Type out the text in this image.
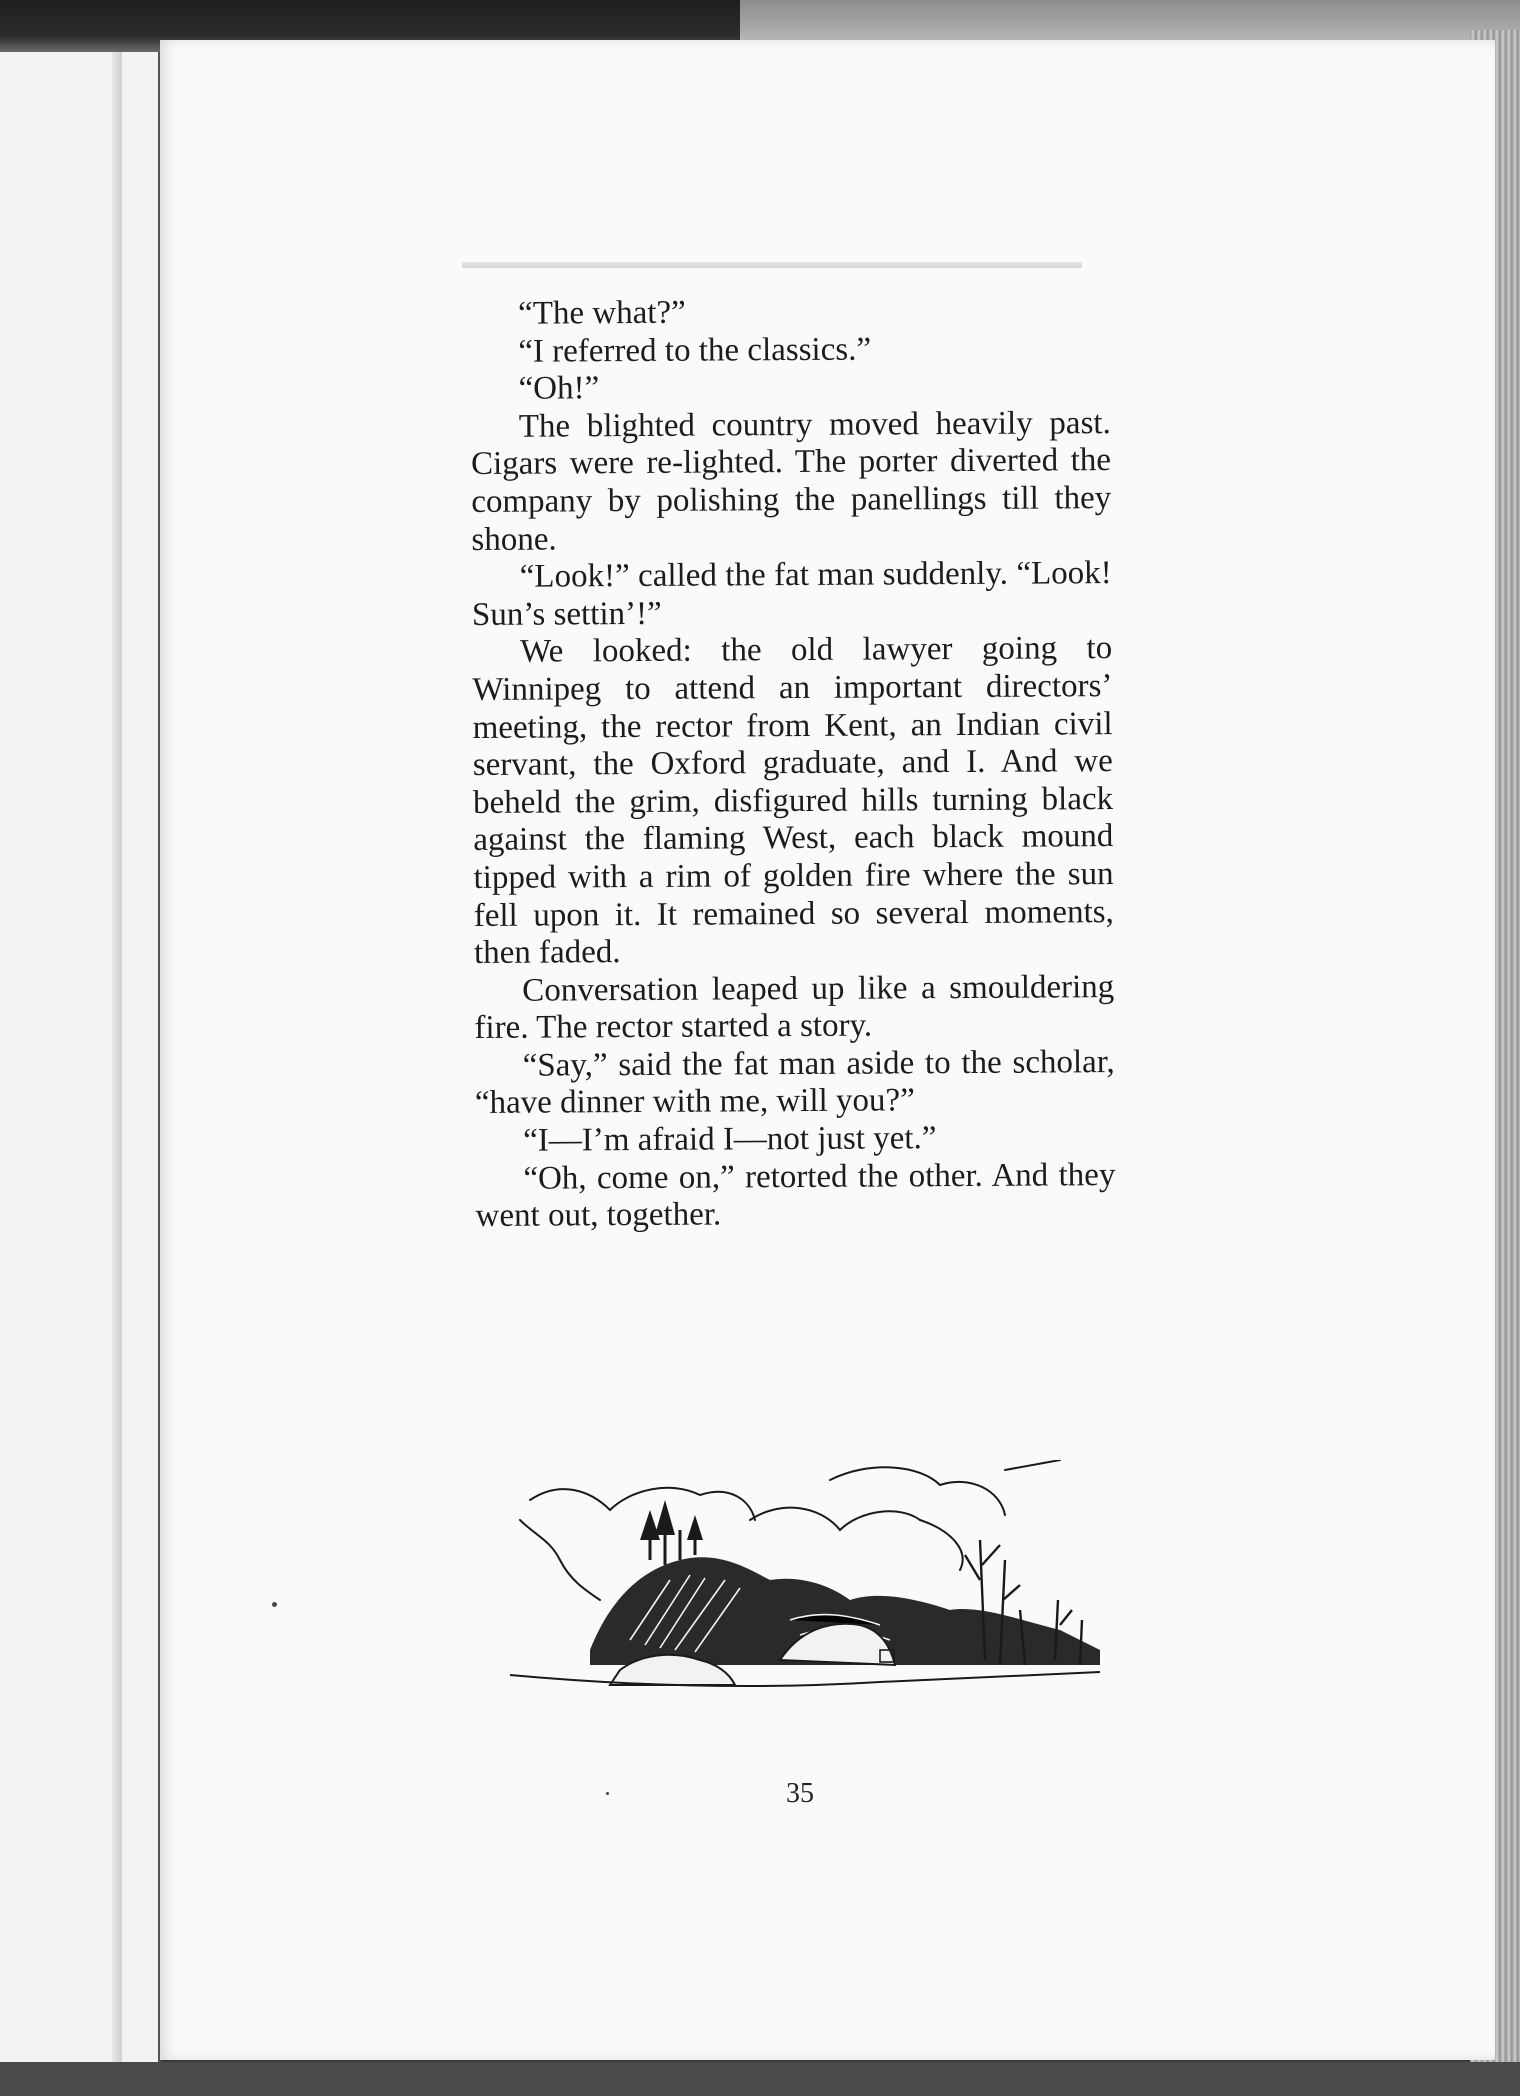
“The what?”

“I referred to the classics.”

“Oh!”

The blighted country moved heavily past. Cigars were re-lighted. The porter diverted the company by polishing the panellings till they shone.

“Look!” called the fat man suddenly. “Look! Sun’s settin’!”

We looked: the old lawyer going to Winnipeg to attend an important directors’ meeting, the rector from Kent, an Indian civil servant, the Oxford graduate, and I. And we beheld the grim, disfigured hills turning black against the flaming West, each black mound tipped with a rim of golden fire where the sun fell upon it. It remained so several moments, then faded.

Conversation leaped up like a smouldering fire. The rector started a story.

“Say,” said the fat man aside to the scholar, “have dinner with me, will you?”

“I—I’m afraid I—not just yet.”

“Oh, come on,” retorted the other. And they went out, together.

35
